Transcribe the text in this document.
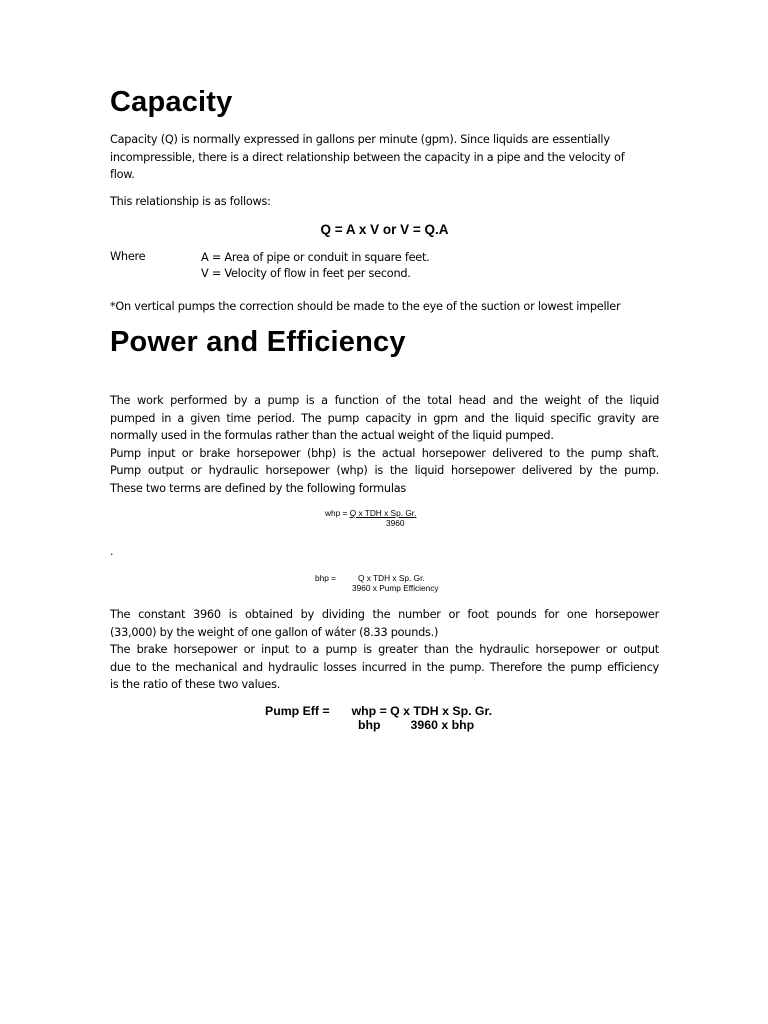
Capacity

Capacity (Q) is normally expressed in gallons per minute (gpm). Since liquids are essentially
incompressible, there is a direct relationship between the capacity in a pipe and the velocity of
flow.

This relationship is as follows:

Q = A x V or V = Q.A

Where	A = Area of pipe or conduit in square feet.
V = Velocity of flow in feet per second.

*On vertical pumps the correction should be made to the eye of the suction or lowest impeller

Power and Efficiency

The work performed by a pump is a function of the total head and the weight of the liquid
pumped in a given time period. The pump capacity in gpm and the liquid specific gravity are
normally used in the formulas rather than the actual weight of the liquid pumped.
Pump input or brake horsepower (bhp) is the actual horsepower delivered to the pump shaft.
Pump output or hydraulic horsepower (whp) is the liquid horsepower delivered by the pump.
These two terms are defined by the following formulas

whp = Q x TDH x Sp. Gr.
3960
.
bhp =	Q x TDH x Sp. Gr.
3960 x Pump Efficiency

The constant 3960 is obtained by dividing the number or foot pounds for one horsepower
(33,000) by the weight of one gallon of wáter (8.33 pounds.)
The brake horsepower or input to a pump is greater than the hydraulic horsepower or output
due to the mechanical and hydraulic losses incurred in the pump. Therefore the pump efficiency
is the ratio of these two values.

Pump Eff = whp = Q x TDH x Sp. Gr.
bhp 3960 x bhp
